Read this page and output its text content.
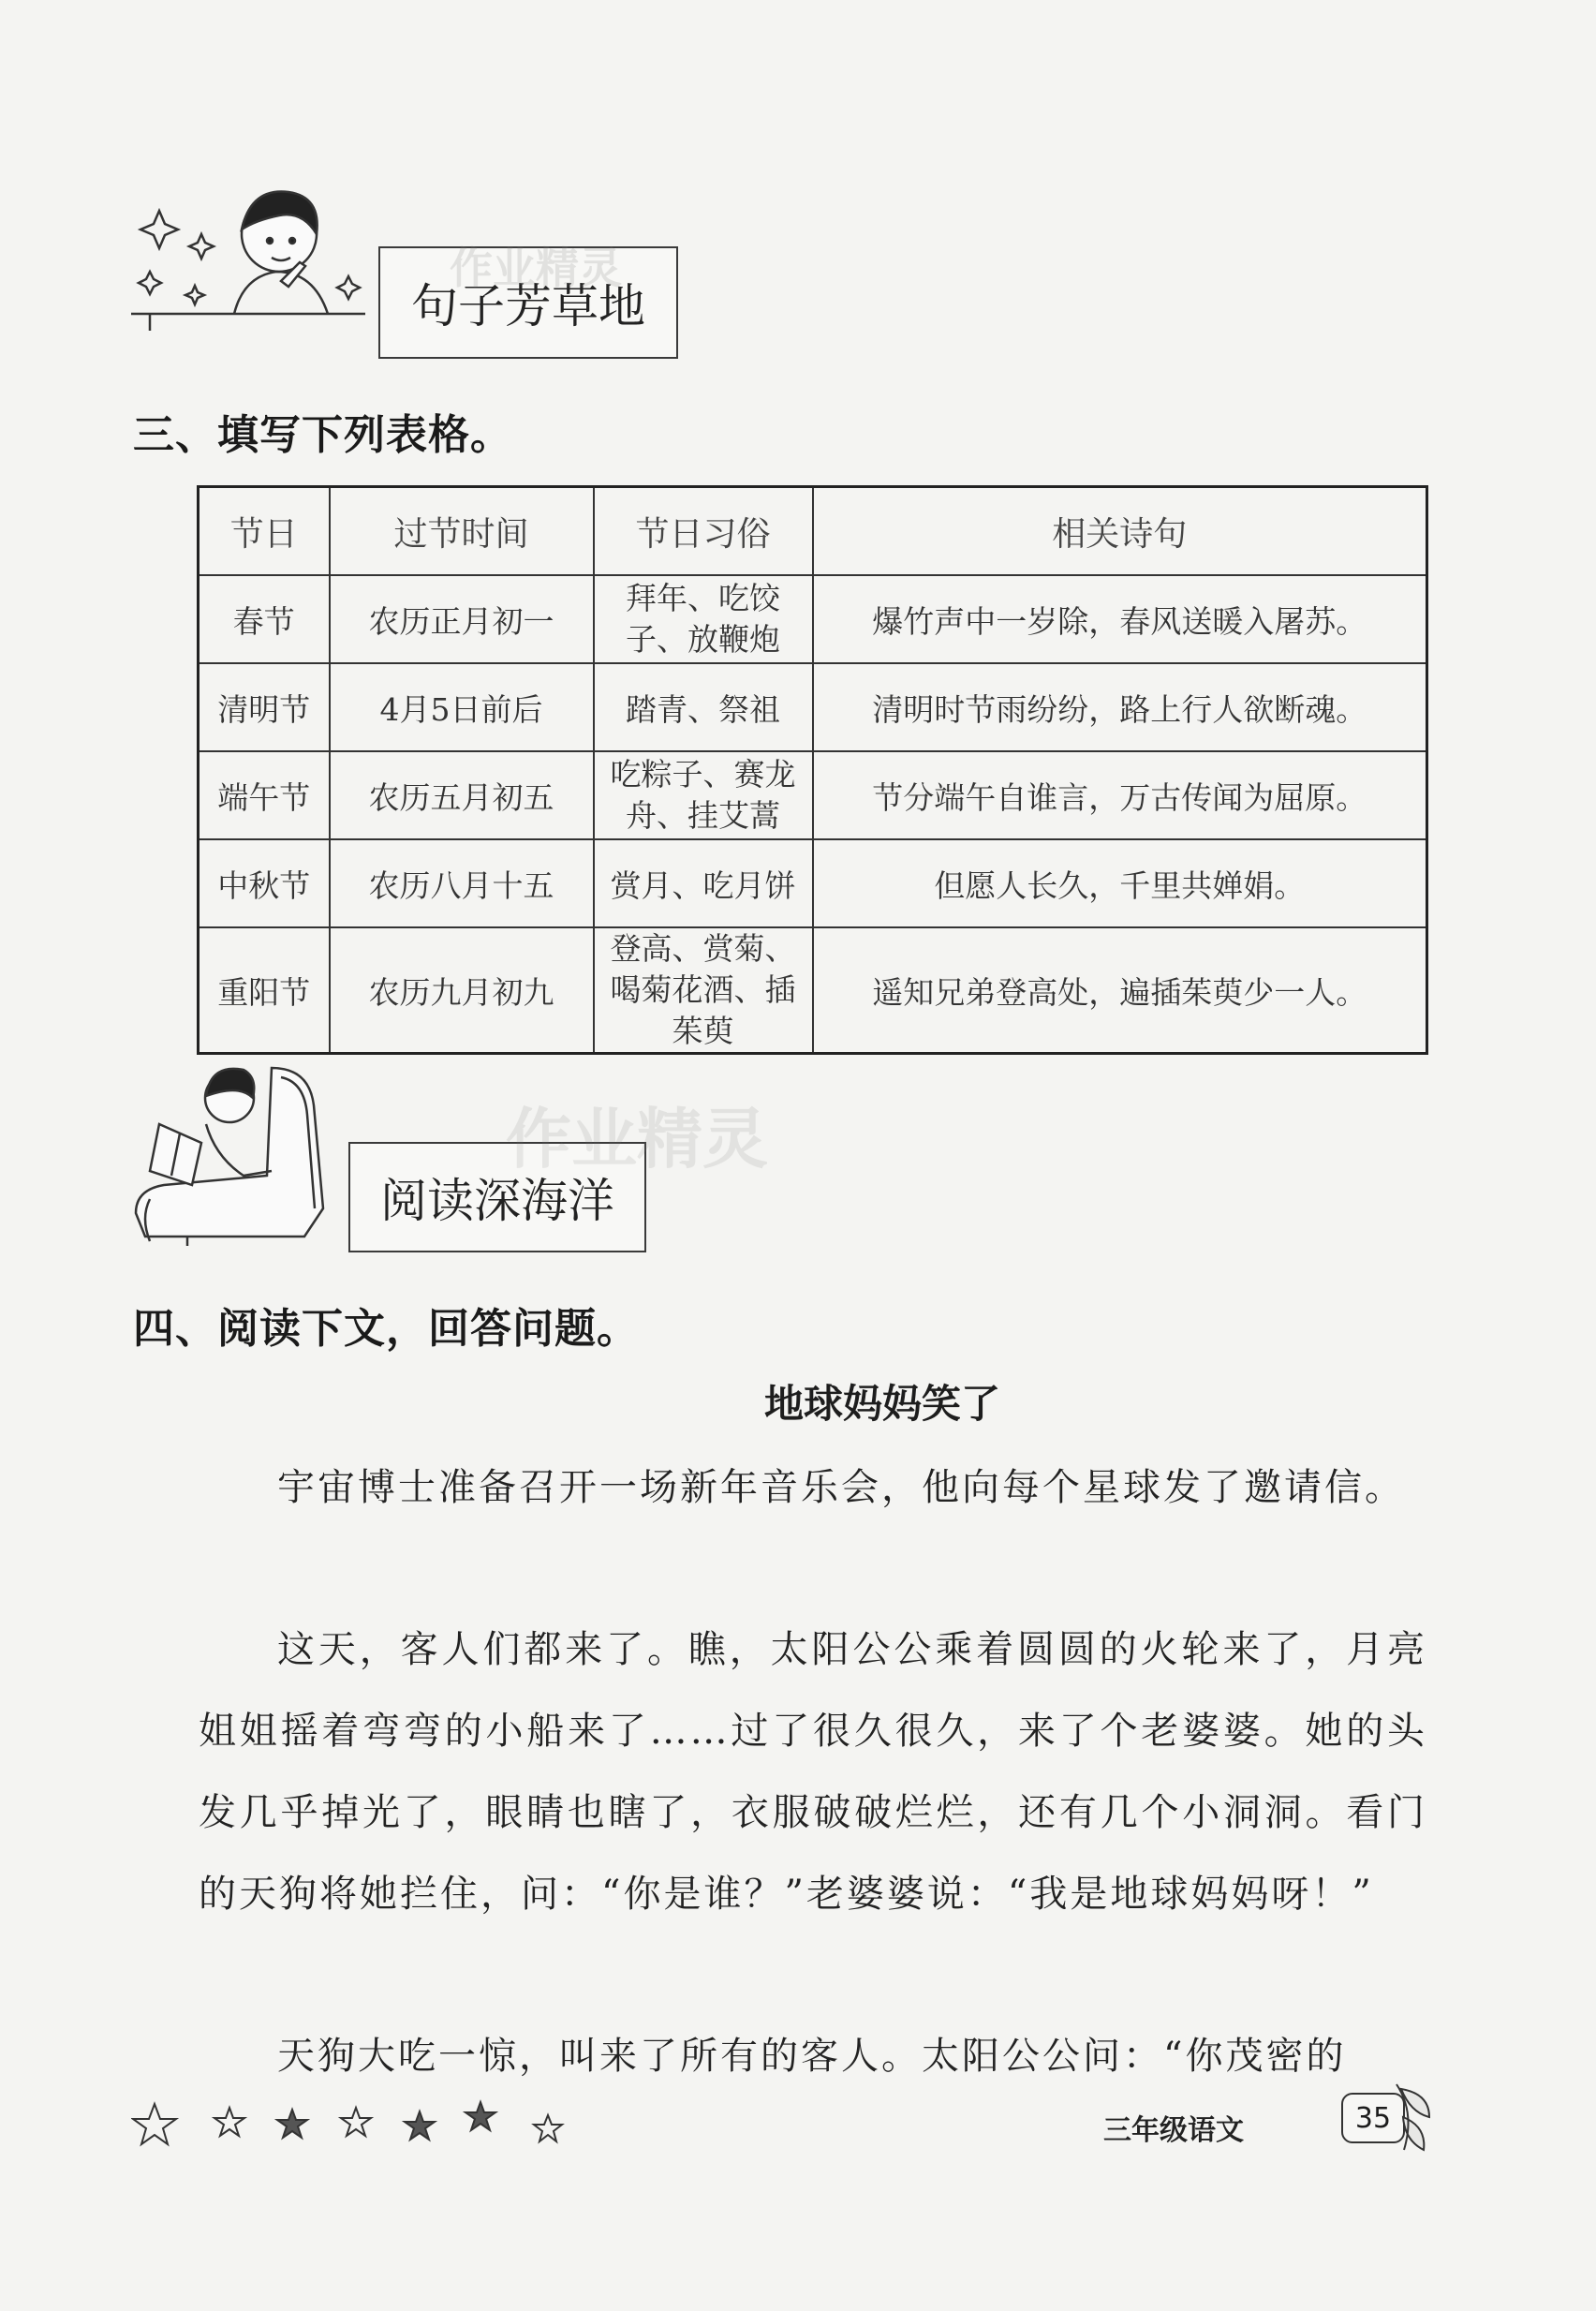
句子芳草地
作业精灵
三、填写下列表格。
节日	过节时间	节日习俗	相关诗句
春节	农历正月初一	拜年、吃饺子、放鞭炮	爆竹声中一岁除，春风送暖入屠苏。
清明节	4月5日前后	踏青、祭祖	清明时节雨纷纷，路上行人欲断魂。
端午节	农历五月初五	吃粽子、赛龙舟、挂艾蒿	节分端午自谁言，万古传闻为屈原。
中秋节	农历八月十五	赏月、吃月饼	但愿人长久，千里共婵娟。
重阳节	农历九月初九	登高、赏菊、喝菊花酒、插茱萸	遥知兄弟登高处，遍插茱萸少一人。
阅读深海洋
作业精灵
四、阅读下文，回答问题。
地球妈妈笑了
宇宙博士准备召开一场新年音乐会，他向每个星球发了邀请信。
这天，客人们都来了。瞧，太阳公公乘着圆圆的火轮来了，月亮姐姐摇着弯弯的小船来了……过了很久很久，来了个老婆婆。她的头发几乎掉光了，眼睛也瞎了，衣服破破烂烂，还有几个小洞洞。看门的天狗将她拦住，问：“你是谁？”老婆婆说：“我是地球妈妈呀！”
天狗大吃一惊，叫来了所有的客人。太阳公公问：“你茂密的
三年级语文	35
